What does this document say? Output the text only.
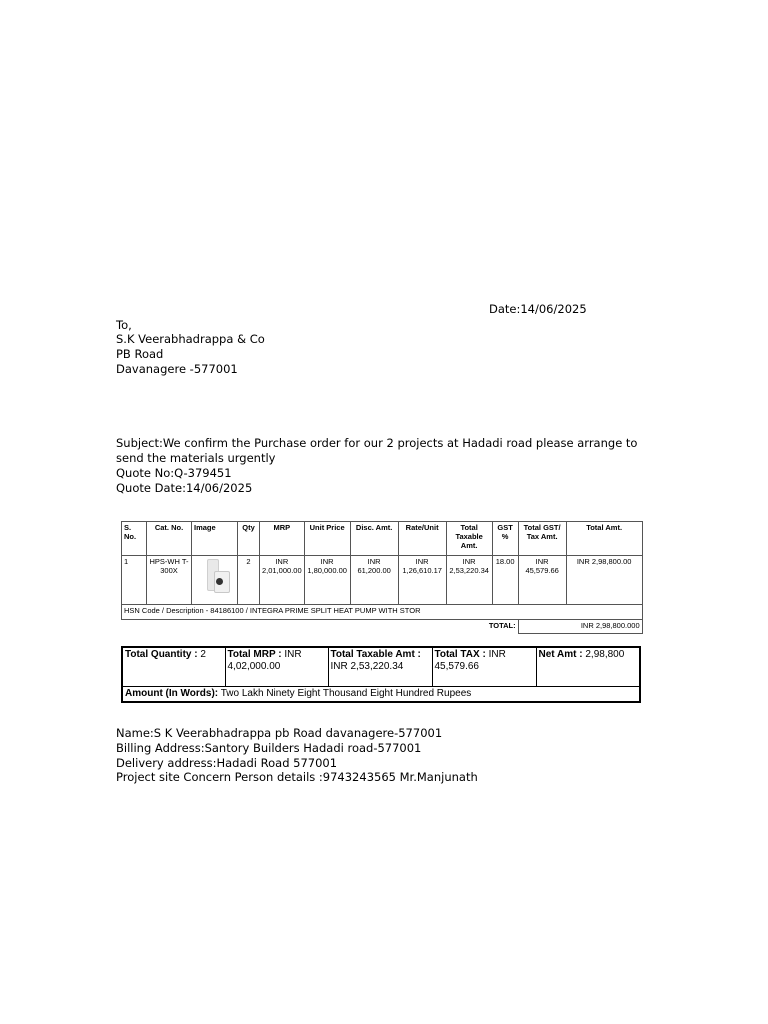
Date:14/06/2025
To,
S.K Veerabhadrappa & Co
PB Road
Davanagere -577001
Subject:We confirm the Purchase order for our 2 projects at Hadadi road please arrange to send the materials urgently
Quote No:Q-379451
Quote Date:14/06/2025
S. No.	Cat. No.	Image	Qty	MRP	Unit Price	Disc. Amt.	Rate/Unit	Total Taxable Amt.	GST %	Total GST/ Tax Amt.	Total Amt.
1	HPS-WH T-300X		2	INR 2,01,000.00	INR 1,80,000.00	INR 61,200.00	INR 1,26,610.17	INR 2,53,220.34	18.00	INR 45,579.66	INR 2,98,800.00
HSN Code / Description - 84186100 / INTEGRA PRIME SPLIT HEAT PUMP WITH STOR											
TOTAL:										INR 2,98,800.000	
Total Quantity : 2	Total MRP : INR 4,02,000.00	Total Taxable Amt : INR 2,53,220.34	Total TAX : INR 45,579.66	Net Amt : 2,98,800
Amount (In Words): Two Lakh Ninety Eight Thousand Eight Hundred Rupees
Name:S K Veerabhadrappa pb Road davanagere-577001
Billing Address:Santory Builders Hadadi road-577001
Delivery address:Hadadi Road 577001
Project site Concern Person details :9743243565 Mr.Manjunath
